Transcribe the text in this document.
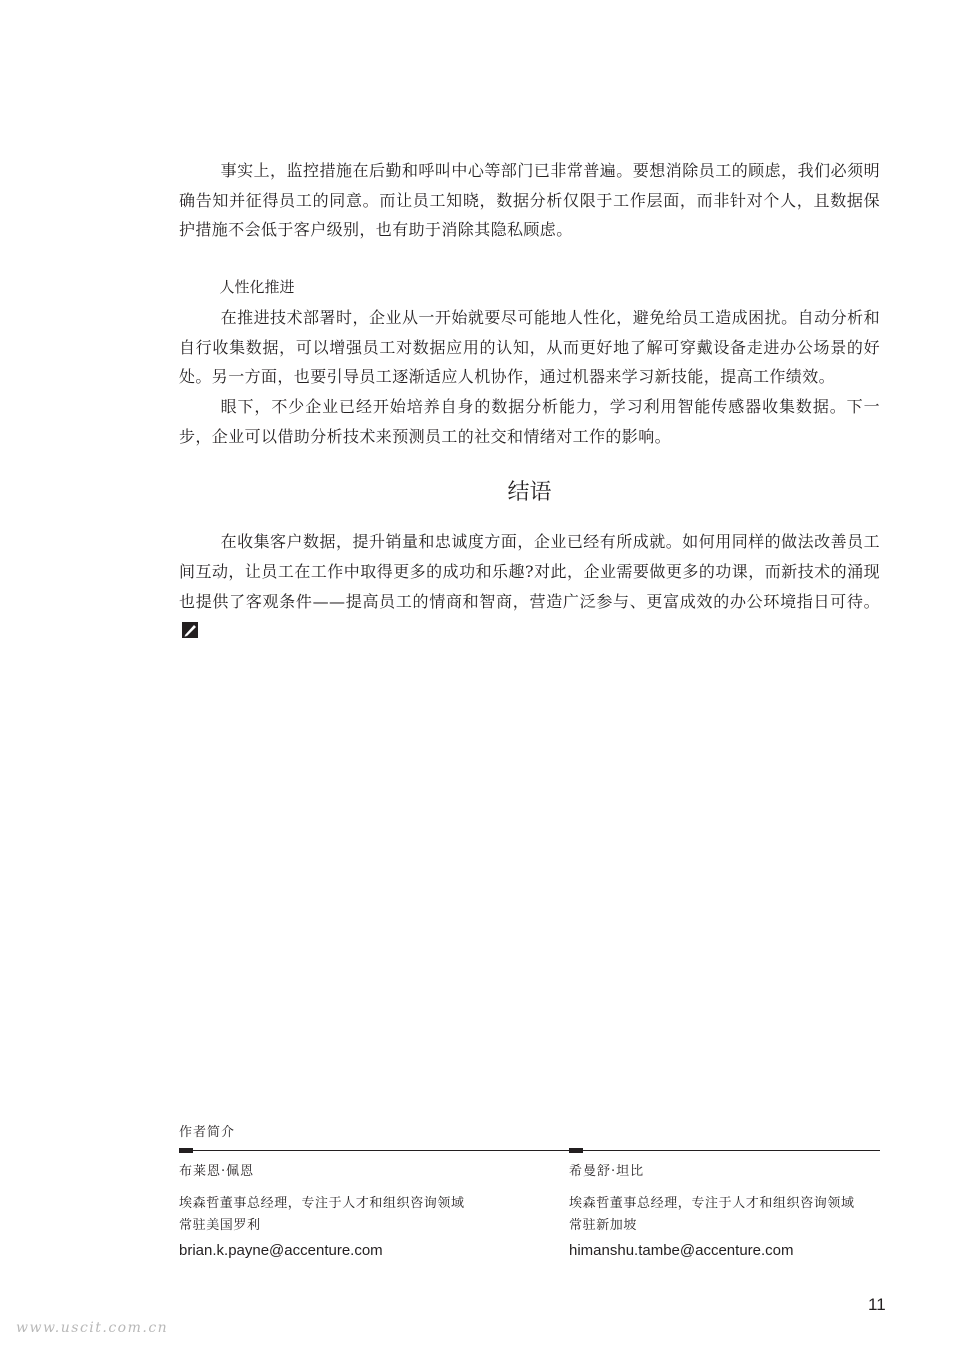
事实上，监控措施在后勤和呼叫中心等部门已非常普遍。要想消除员工的顾虑，我们必须明确告知并征得员工的同意。而让员工知晓，数据分析仅限于工作层面，而非针对个人，且数据保护措施不会低于客户级别，也有助于消除其隐私顾虑。

人性化推进

在推进技术部署时，企业从一开始就要尽可能地人性化，避免给员工造成困扰。自动分析和自行收集数据，可以增强员工对数据应用的认知，从而更好地了解可穿戴设备走进办公场景的好处。另一方面，也要引导员工逐渐适应人机协作，通过机器来学习新技能，提高工作绩效。

眼下，不少企业已经开始培养自身的数据分析能力，学习利用智能传感器收集数据。下一步，企业可以借助分析技术来预测员工的社交和情绪对工作的影响。

结语

在收集客户数据，提升销量和忠诚度方面，企业已经有所成就。如何用同样的做法改善员工间互动，让员工在工作中取得更多的成功和乐趣?对此，企业需要做更多的功课，而新技术的涌现也提供了客观条件——提高员工的情商和智商，营造广泛参与、更富成效的办公环境指日可待。

作者简介
布莱恩·佩恩
埃森哲董事总经理，专注于人才和组织咨询领域
常驻美国罗利
brian.k.payne@accenture.com
希曼舒·坦比
埃森哲董事总经理，专注于人才和组织咨询领域
常驻新加坡
himanshu.tambe@accenture.com
11
www.uscit.com.cn
